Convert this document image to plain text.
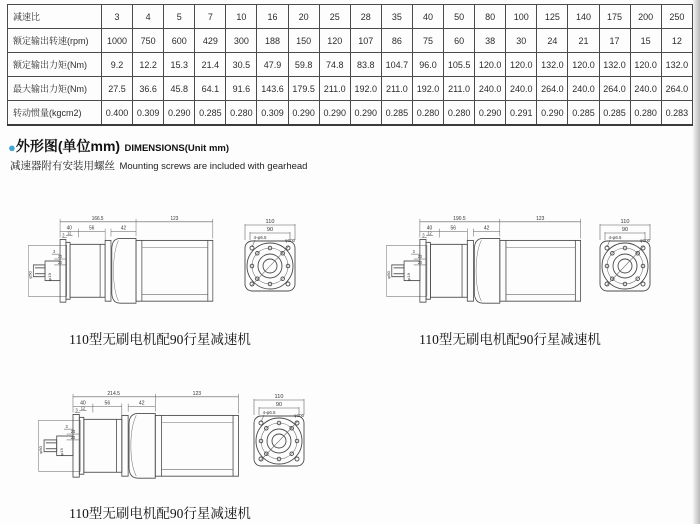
减速比	3	4	5	7	10	16	20	25	28	35	40	50	80	100	125	140	175	200	250
额定输出转速(rpm)	1000	750	600	429	300	188	150	120	107	86	75	60	38	30	24	21	17	15	12
额定输出力矩(Nm)	9.2	12.2	15.3	21.4	30.5	47.9	59.8	74.8	83.8	104.7	96.0	105.5	120.0	120.0	132.0	120.0	132.0	120.0	132.0
最大输出力矩(Nm)	27.5	36.6	45.8	64.1	91.6	143.6	179.5	211.0	192.0	211.0	192.0	211.0	240.0	240.0	264.0	240.0	264.0	240.0	264.0
转动惯量(kgcm2)	0.400	0.309	0.290	0.285	0.280	0.309	0.290	0.290	0.290	0.285	0.280	0.280	0.290	0.291	0.290	0.285	0.285	0.280	0.283
●外形图(单位mm) DIMENSIONS(Unit mm)
减速器附有安装用螺丝 Mounting screws are included with gearhead
166.5	123
40	56	42
3 12
3
20
20
φ50	φ19
110
90
4-φ6.5
φ100
110型无刷电机配90行星减速机
190.5	123
40	56	42
3 12
3
20
20
φ50	φ19
110
90
4-φ6.5
φ100
110型无刷电机配90行星减速机
214.5	123
40	56	42
3 12
3
20
20
φ50	φ19
110
90
4-φ6.5
φ100
110型无刷电机配90行星减速机
